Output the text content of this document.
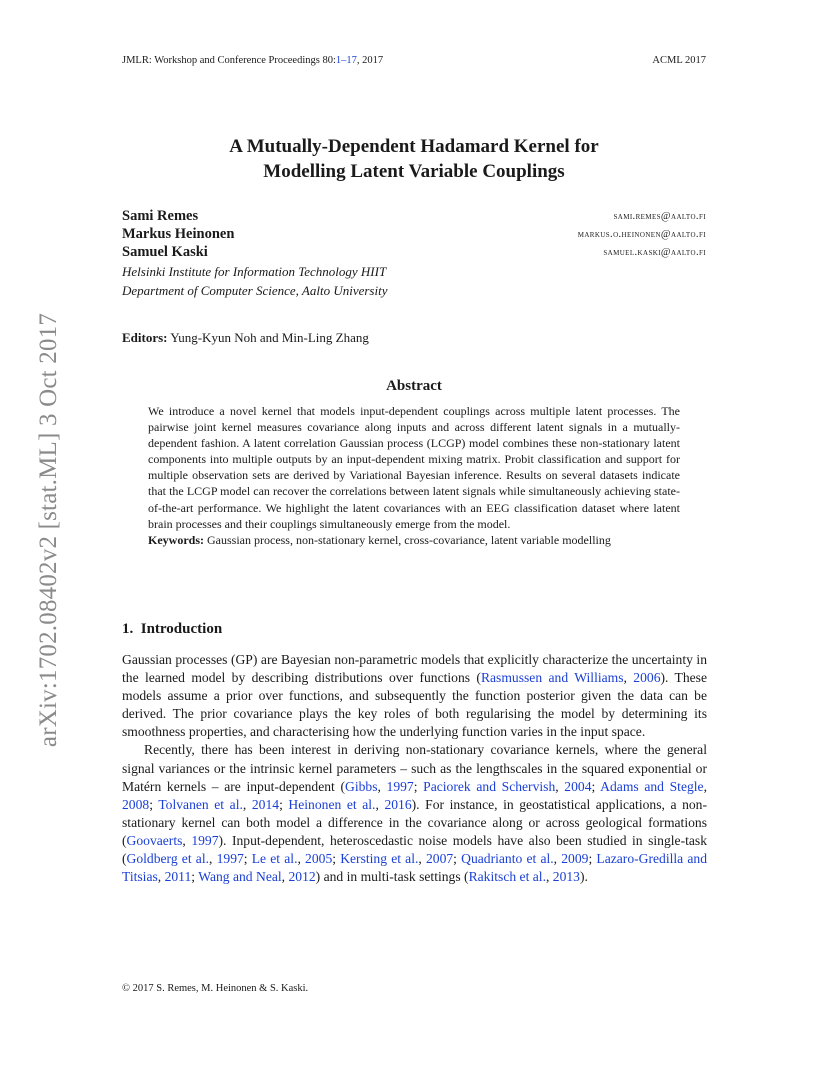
JMLR: Workshop and Conference Proceedings 80:1–17, 2017	ACML 2017
arXiv:1702.08402v2 [stat.ML] 3 Oct 2017
A Mutually-Dependent Hadamard Kernel for
Modelling Latent Variable Couplings
Sami Remes	sami.remes@aalto.fi
Markus Heinonen	markus.o.heinonen@aalto.fi
Samuel Kaski	samuel.kaski@aalto.fi
Helsinki Institute for Information Technology HIIT
Department of Computer Science, Aalto University
Editors: Yung-Kyun Noh and Min-Ling Zhang
Abstract

We introduce a novel kernel that models input-dependent couplings across multiple latent processes. The pairwise joint kernel measures covariance along inputs and across different latent signals in a mutually-dependent fashion. A latent correlation Gaussian process (LCGP) model combines these non-stationary latent components into multiple outputs by an input-dependent mixing matrix. Probit classification and support for multiple observation sets are derived by Variational Bayesian inference. Results on several datasets indicate that the LCGP model can recover the correlations between latent signals while simultaneously achieving state-of-the-art performance. We highlight the latent covariances with an EEG classification dataset where latent brain processes and their couplings simultaneously emerge from the model.

Keywords: Gaussian process, non-stationary kernel, cross-covariance, latent variable modelling

1. Introduction

Gaussian processes (GP) are Bayesian non-parametric models that explicitly characterize the uncertainty in the learned model by describing distributions over functions (Rasmussen and Williams, 2006). These models assume a prior over functions, and subsequently the function posterior given the data can be derived. The prior covariance plays the key roles of both regularising the model by determining its smoothness properties, and characterising how the underlying function varies in the input space.

Recently, there has been interest in deriving non-stationary covariance kernels, where the general signal variances or the intrinsic kernel parameters – such as the lengthscales in the squared exponential or Matérn kernels – are input-dependent (Gibbs, 1997; Paciorek and Schervish, 2004; Adams and Stegle, 2008; Tolvanen et al., 2014; Heinonen et al., 2016). For instance, in geostatistical applications, a non-stationary kernel can both model a difference in the covariance along or across geological formations (Goovaerts, 1997). Input-dependent, heteroscedastic noise models have also been studied in single-task (Goldberg et al., 1997; Le et al., 2005; Kersting et al., 2007; Quadrianto et al., 2009; Lazaro-Gredilla and Titsias, 2011; Wang and Neal, 2012) and in multi-task settings (Rakitsch et al., 2013).

© 2017 S. Remes, M. Heinonen & S. Kaski.
